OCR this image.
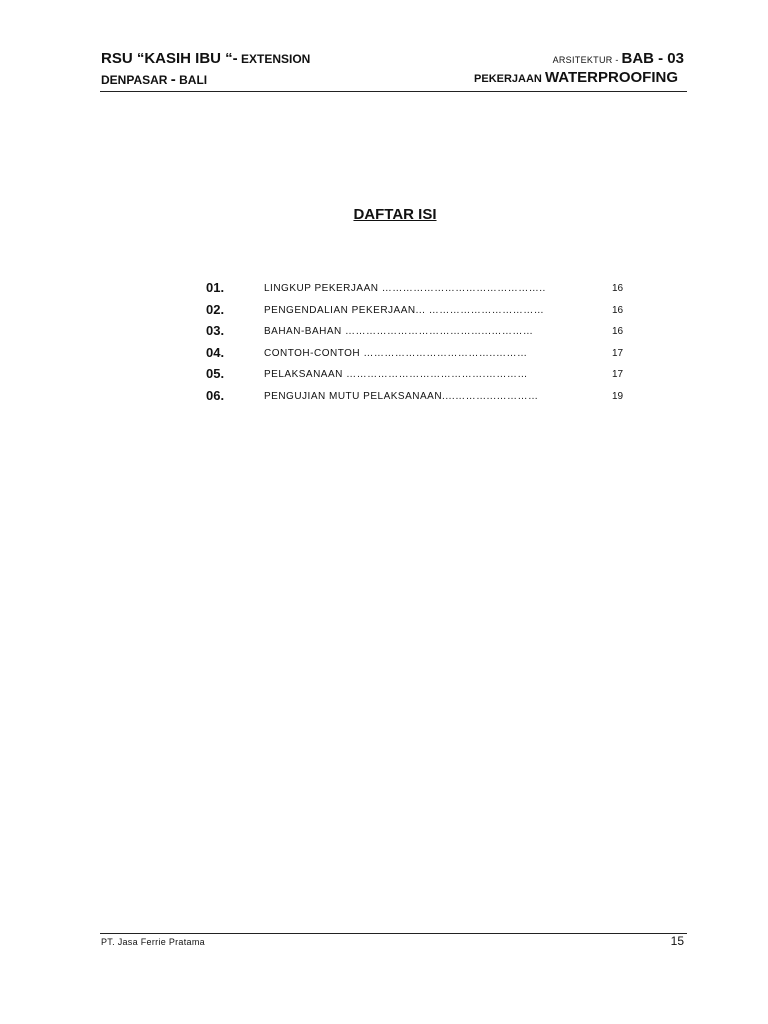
RSU “KASIH IBU “- EXTENSION
DENPASAR - BALI
ARSITEKTUR - BAB - 03
PEKERJAAN WATERPROOFING
DAFTAR ISI
01.	LINGKUP PEKERJAAN ………………………………………..	16
02.	PENGENDALIAN PEKERJAAN... ……………………………	16
03.	BAHAN-BAHAN …………………………………...…………	16
04.	CONTOH-CONTOH ………………………………..………	17
05.	PELAKSANAAN ………………………………….…………	17
06.	PENGUJIAN MUTU PELAKSANAAN....………...…………	19
PT. Jasa Ferrie Pratama	15
